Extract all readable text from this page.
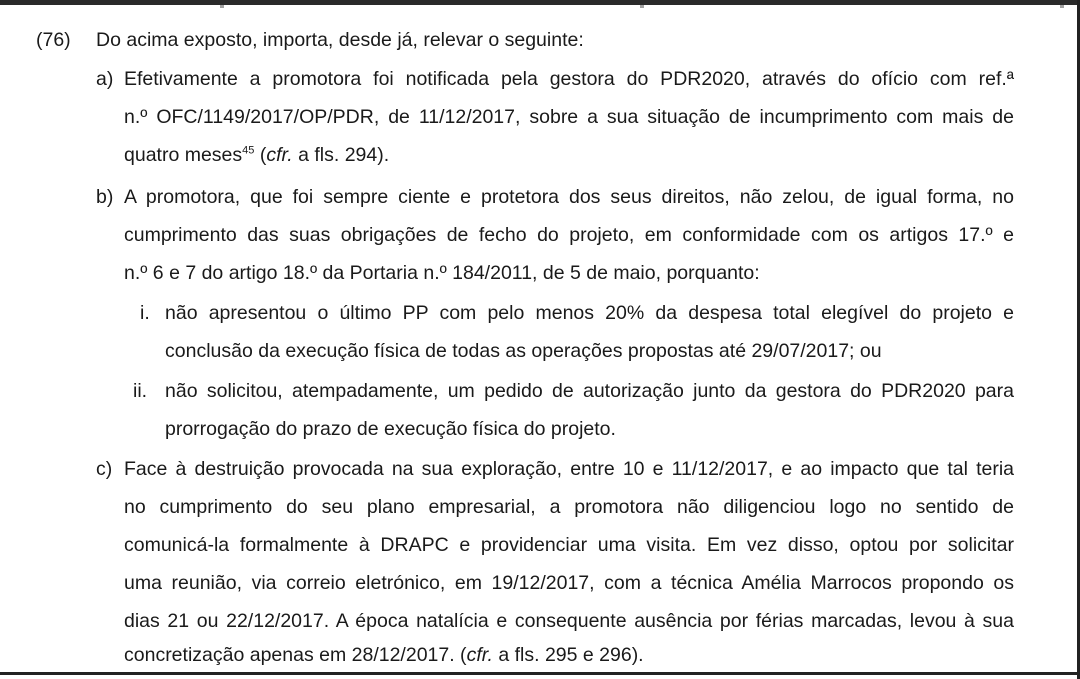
(76) Do acima exposto, importa, desde já, relevar o seguinte:
a) Efetivamente a promotora foi notificada pela gestora do PDR2020, através do ofício com ref.ª
n.º OFC/1149/2017/OP/PDR, de 11/12/2017, sobre a sua situação de incumprimento com mais de
quatro meses$^{45}$ (cfr. a fls. 294).
b) A promotora, que foi sempre ciente e protetora dos seus direitos, não zelou, de igual forma, no
cumprimento das suas obrigações de fecho do projeto, em conformidade com os artigos 17.º e
n.º 6 e 7 do artigo 18.º da Portaria n.º 184/2011, de 5 de maio, porquanto:
i. não apresentou o último PP com pelo menos 20% da despesa total elegível do projeto e
conclusão da execução física de todas as operações propostas até 29/07/2017; ou
ii. não solicitou, atempadamente, um pedido de autorização junto da gestora do PDR2020 para
prorrogação do prazo de execução física do projeto.
c) Face à destruição provocada na sua exploração, entre 10 e 11/12/2017, e ao impacto que tal teria
no cumprimento do seu plano empresarial, a promotora não diligenciou logo no sentido de
comunicá-la formalmente à DRAPC e providenciar uma visita. Em vez disso, optou por solicitar
uma reunião, via correio eletrónico, em 19/12/2017, com a técnica Amélia Marrocos propondo os
dias 21 ou 22/12/2017. A época natalícia e consequente ausência por férias marcadas, levou à sua
concretização apenas em 28/12/2017. (cfr. a fls. 295 e 296).
